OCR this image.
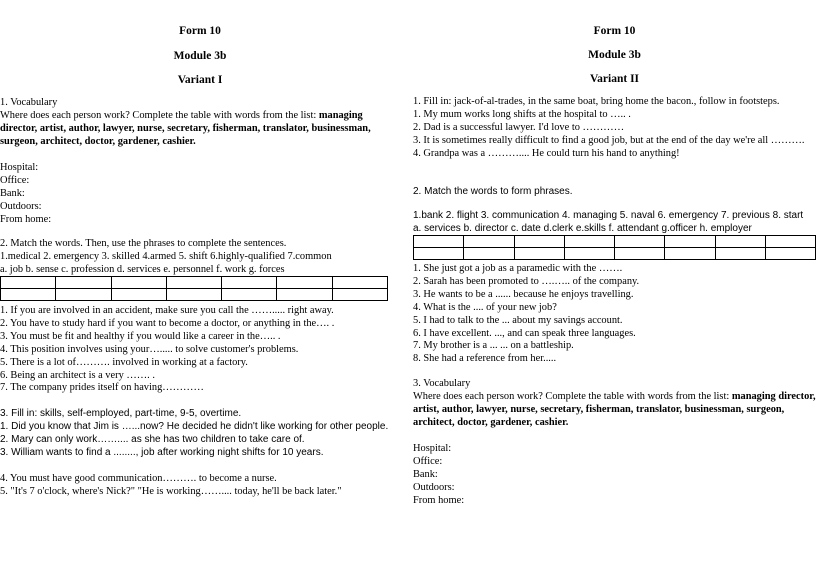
Form 10
Module 3b
Variant I
1. Vocabulary
Where does each person work? Complete the table with words from the list: managing director, artist, author, lawyer, nurse, secretary, fisherman, translator, businessman, surgeon, architect, doctor, gardener, cashier.
Hospital:
Office:
Bank:
Outdoors:
From home:
2. Match the words. Then, use the phrases to complete the sentences.
1.medical 2. emergency 3. skilled 4.armed 5. shift 6.highly-qualified 7.common
a. job b. sense c. profession d. services e. personnel f. work g. forces

1. If you are involved in an accident, make sure you call the ……..... right away.
2. You have to study hard if you want to become a doctor, or anything in the…. .
3. You must be fit and healthy if you would like a career in the….. .
4. This position involves using your…..... to solve customer's problems.
5. There is a lot of………. involved in working at a factory.
6. Being an architect is a very ……. .
7. The company prides itself on having…………
3. Fill in: skills, self-employed, part-time, 9-5, overtime.
1. Did you know that Jim is …...now? He decided he didn't like working for other people.
2. Mary can only work…….... as she has two children to take care of.
3. William wants to find a ........, job after working night shifts for 10 years.
4. You must have good communication………. to become a nurse.
5. "It's 7 o'clock, where's Nick?" "He is working…….... today, he'll be back later."
Form 10
Module 3b
Variant II
1. Fill in: jack-of-al-trades, in the same boat, bring home the bacon., follow in footsteps.
1. My mum works long shifts at the hospital to ….. .
2. Dad is a successful lawyer. I'd love to …………
3. It is sometimes really difficult to find a good job, but at the end of the day we're all ……….
4. Grandpa was a ……….... He could turn his hand to anything!
2. Match the words to form phrases.
1.bank 2. flight 3. communication 4. managing 5. naval 6. emergency 7. previous 8. start
a. services b. director c. date d.clerk e.skills f. attendant g.officer h. employer

1. She just got a job as a paramedic with the …….
2. Sarah has been promoted to ….….. of the company.
3. He wants to be a ...... because he enjoys travelling.
4. What is the .... of your new job?
5. I had to talk to the ... about my savings account.
6. I have excellent. ..., and can speak three languages.
7. My brother is a ... ... on a battleship.
8. She had a reference from her.....
3. Vocabulary
Where does each person work? Complete the table with words from the list: managing director, artist, author, lawyer, nurse, secretary, fisherman, translator, businessman, surgeon, architect, doctor, gardener, cashier.
Hospital:
Office:
Bank:
Outdoors:
From home:
